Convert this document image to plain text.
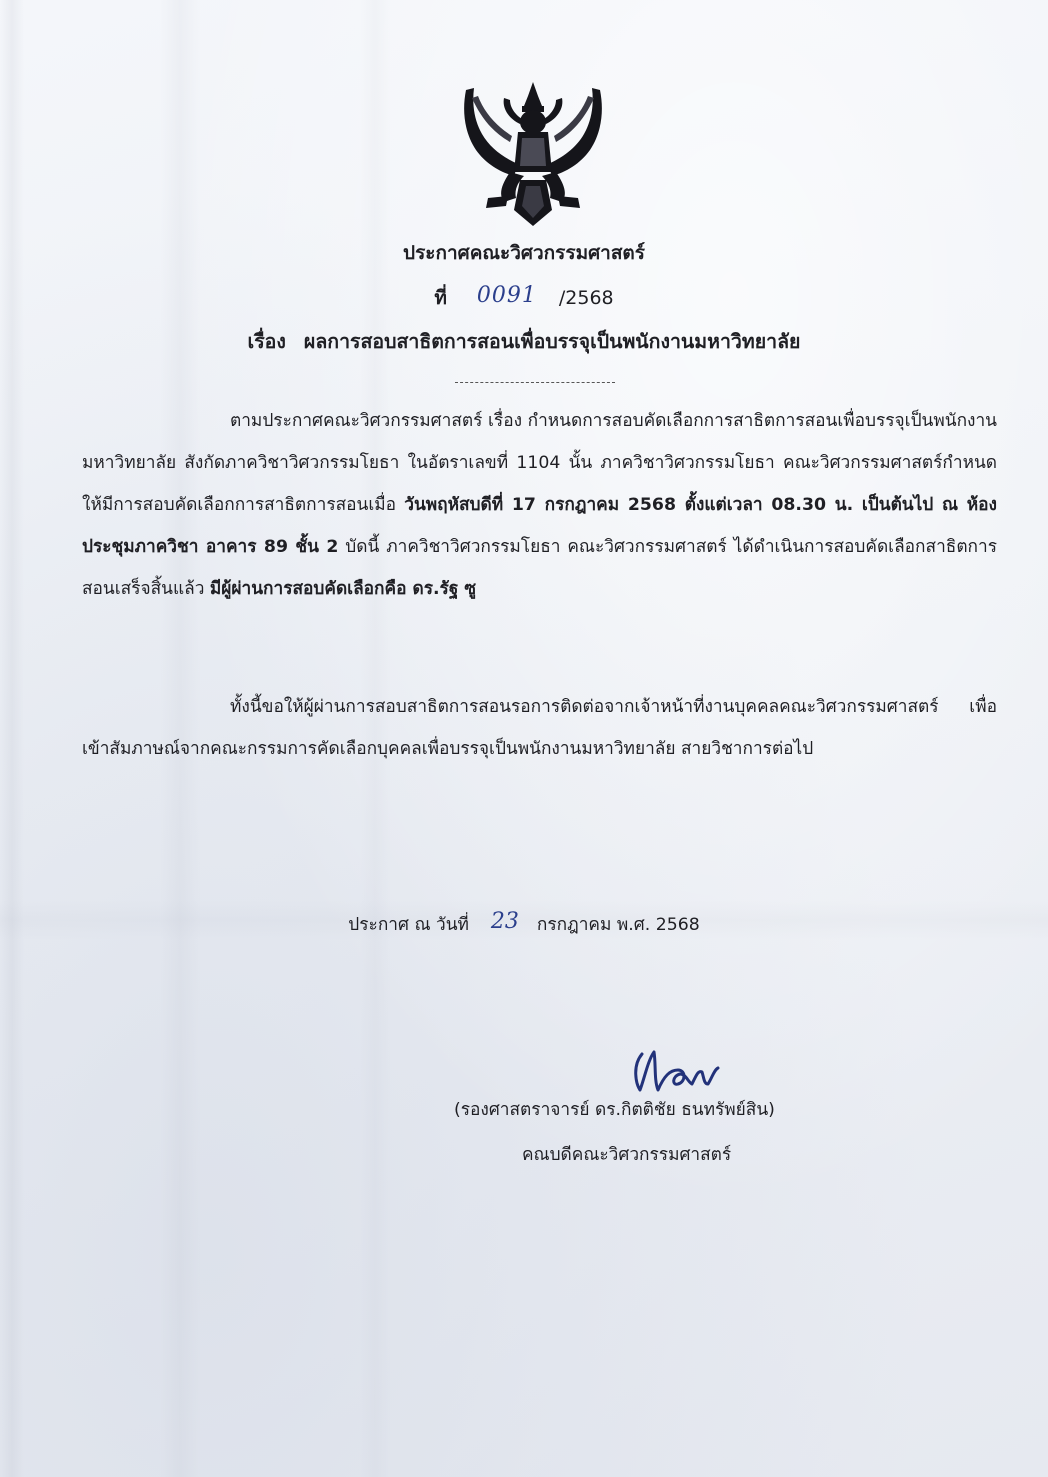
ประกาศคณะวิศวกรรมศาสตร์
ที่ 0091 /2568
เรื่อง ผลการสอบสาธิตการสอนเพื่อบรรจุเป็นพนักงานมหาวิทยาลัย
ตามประกาศคณะวิศวกรรมศาสตร์ เรื่อง กำหนดการสอบคัดเลือกการสาธิตการสอนเพื่อบรรจุเป็นพนักงานมหาวิทยาลัย สังกัดภาควิชาวิศวกรรมโยธา ในอัตราเลขที่ 1104 นั้น ภาควิชาวิศวกรรมโยธา คณะวิศวกรรมศาสตร์กำหนดให้มีการสอบคัดเลือกการสาธิตการสอนเมื่อ วันพฤหัสบดีที่ 17 กรกฎาคม 2568 ตั้งแต่เวลา 08.30 น. เป็นต้นไป ณ ห้องประชุมภาควิชา อาคาร 89 ชั้น 2 บัดนี้ ภาควิชาวิศวกรรมโยธา คณะวิศวกรรมศาสตร์ ได้ดำเนินการสอบคัดเลือกสาธิตการสอนเสร็จสิ้นแล้ว มีผู้ผ่านการสอบคัดเลือกคือ ดร.รัฐ ซู
ทั้งนี้ขอให้ผู้ผ่านการสอบสาธิตการสอนรอการติดต่อจากเจ้าหน้าที่งานบุคคลคณะวิศวกรรมศาสตร์ เพื่อเข้าสัมภาษณ์จากคณะกรรมการคัดเลือกบุคคลเพื่อบรรจุเป็นพนักงานมหาวิทยาลัย สายวิชาการต่อไป
ประกาศ ณ วันที่ 23 กรกฎาคม พ.ศ. 2568
(รองศาสตราจารย์ ดร.กิตติชัย ธนทรัพย์สิน)
คณบดีคณะวิศวกรรมศาสตร์
